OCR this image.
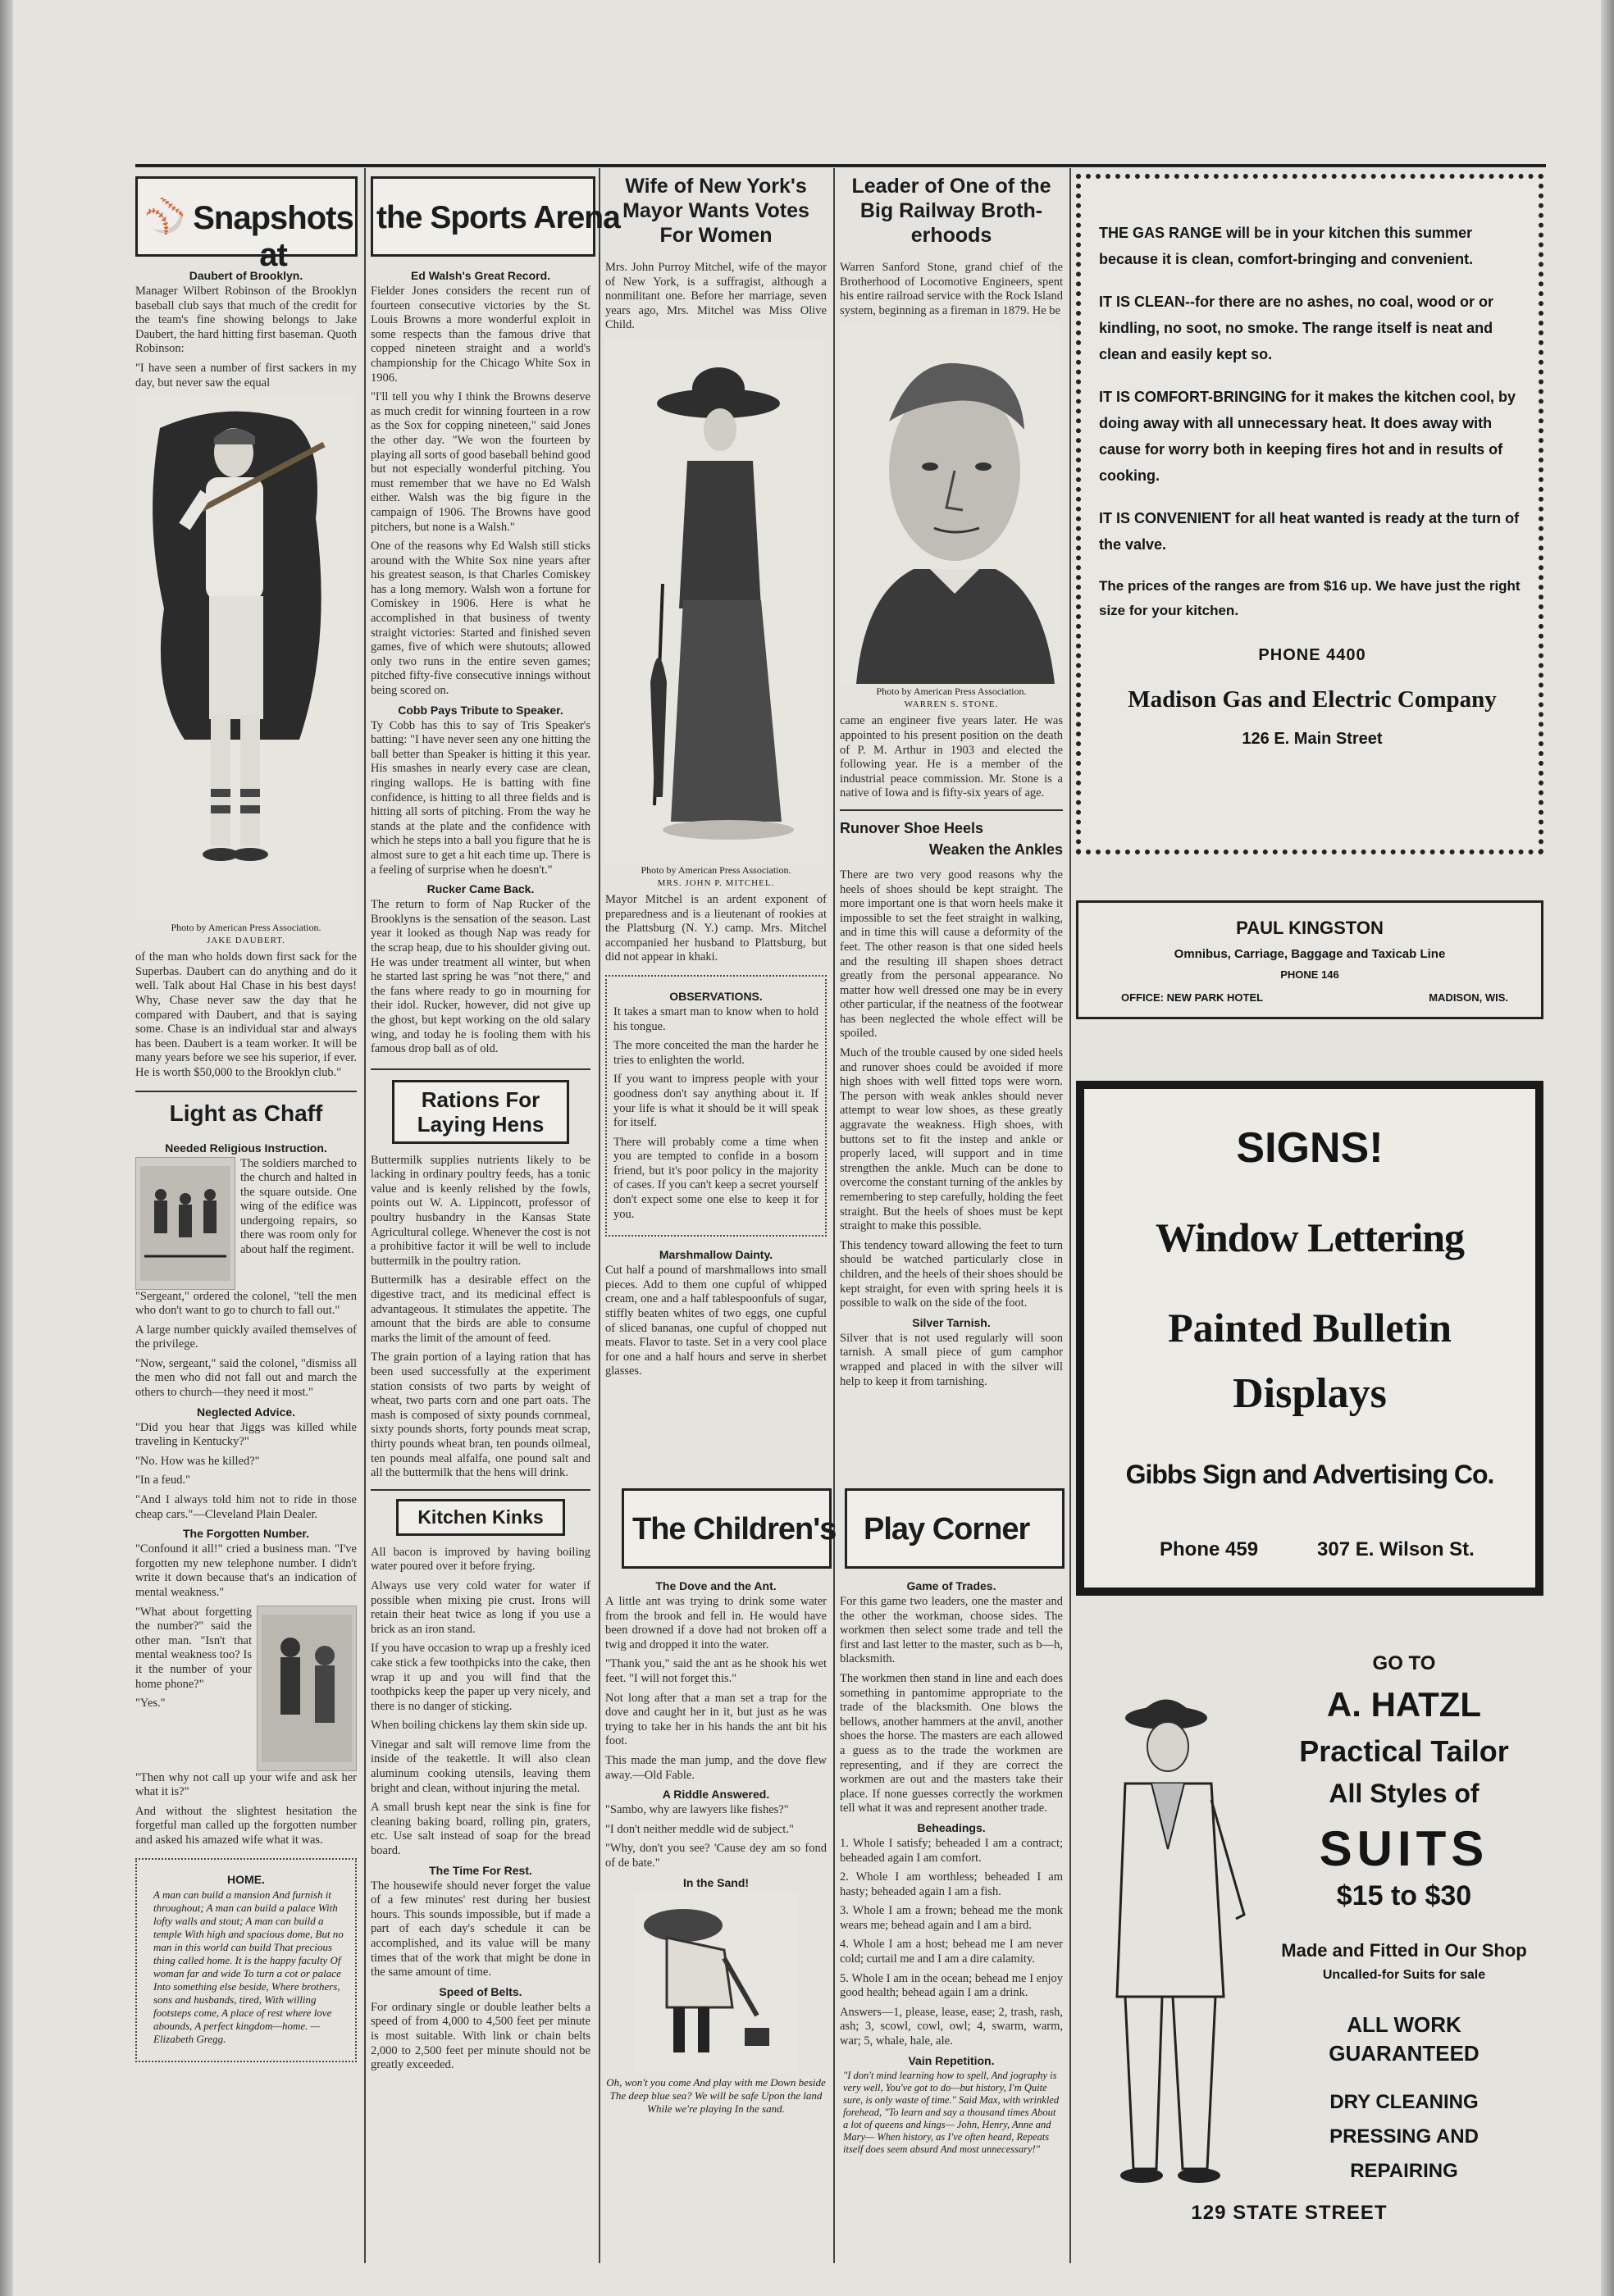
⚾ Snapshots at
the Sports Arena
Daubert of Brooklyn.

Manager Wilbert Robinson of the Brooklyn baseball club says that much of the credit for the team's fine showing belongs to Jake Daubert, the hard hitting first baseman. Quoth Robinson:

"I have seen a number of first sackers in my day, but never saw the equal

Photo by American Press Association.
JAKE DAUBERT.

of the man who holds down first sack for the Superbas. Daubert can do anything and do it well. Talk about Hal Chase in his best days! Why, Chase never saw the day that he compared with Daubert, and that is saying some. Chase is an individual star and always has been. Daubert is a team worker. It will be many years before we see his superior, if ever. He is worth $50,000 to the Brooklyn club."

Light as Chaff
Needed Religious Instruction.

The soldiers marched to the church and halted in the square outside. One wing of the edifice was undergoing repairs, so there was room only for about half the regiment.

"Sergeant," ordered the colonel, "tell the men who don't want to go to church to fall out."

A large number quickly availed themselves of the privilege.

"Now, sergeant," said the colonel, "dismiss all the men who did not fall out and march the others to church—they need it most."

Neglected Advice.

"Did you hear that Jiggs was killed while traveling in Kentucky?"

"No. How was he killed?"

"In a feud."

"And I always told him not to ride in those cheap cars."—Cleveland Plain Dealer.

The Forgotten Number.

"Confound it all!" cried a business man. "I've forgotten my new telephone number. I didn't write it down because that's an indication of mental weakness."

"What about forgetting the number?" said the other man. "Isn't that mental weakness too? Is it the number of your home phone?"

"Yes."

"Then why not call up your wife and ask her what it is?"

And without the slightest hesitation the forgetful man called up the forgotten number and asked his amazed wife what it was.

HOME.

A man can build a mansion And furnish it throughout; A man can build a palace With lofty walls and stout; A man can build a temple With high and spacious dome, But no man in this world can build That precious thing called home. It is the happy faculty Of woman far and wide To turn a cot or palace Into something else beside, Where brothers, sons and husbands, tired, With willing footsteps come, A place of rest where love abounds, A perfect kingdom—home. —Elizabeth Gregg.

Ed Walsh's Great Record.

Fielder Jones considers the recent run of fourteen consecutive victories by the St. Louis Browns a more wonderful exploit in some respects than the famous drive that copped nineteen straight and a world's championship for the Chicago White Sox in 1906.

"I'll tell you why I think the Browns deserve as much credit for winning fourteen in a row as the Sox for copping nineteen," said Jones the other day. "We won the fourteen by playing all sorts of good baseball behind good but not especially wonderful pitching. You must remember that we have no Ed Walsh either. Walsh was the big figure in the campaign of 1906. The Browns have good pitchers, but none is a Walsh."

One of the reasons why Ed Walsh still sticks around with the White Sox nine years after his greatest season, is that Charles Comiskey has a long memory. Walsh won a fortune for Comiskey in 1906. Here is what he accomplished in that business of twenty straight victories: Started and finished seven games, five of which were shutouts; allowed only two runs in the entire seven games; pitched fifty-five consecutive innings without being scored on.

Cobb Pays Tribute to Speaker.

Ty Cobb has this to say of Tris Speaker's batting: "I have never seen any one hitting the ball better than Speaker is hitting it this year. His smashes in nearly every case are clean, ringing wallops. He is batting with fine confidence, is hitting to all three fields and is hitting all sorts of pitching. From the way he stands at the plate and the confidence with which he steps into a ball you figure that he is almost sure to get a hit each time up. There is a feeling of surprise when he doesn't."

Rucker Came Back.

The return to form of Nap Rucker of the Brooklyns is the sensation of the season. Last year it looked as though Nap was ready for the scrap heap, due to his shoulder giving out. He was under treatment all winter, but when he started last spring he was "not there," and the fans where ready to go in mourning for their idol. Rucker, however, did not give up the ghost, but kept working on the old salary wing, and today he is fooling them with his famous drop ball as of old.

Rations For
Laying Hens

Buttermilk supplies nutrients likely to be lacking in ordinary poultry feeds, has a tonic value and is keenly relished by the fowls, points out W. A. Lippincott, professor of poultry husbandry in the Kansas State Agricultural college. Whenever the cost is not a prohibitive factor it will be well to include buttermilk in the poultry ration.

Buttermilk has a desirable effect on the digestive tract, and its medicinal effect is advantageous. It stimulates the appetite. The amount that the birds are able to consume marks the limit of the amount of feed.

The grain portion of a laying ration that has been used successfully at the experiment station consists of two parts by weight of wheat, two parts corn and one part oats. The mash is composed of sixty pounds cornmeal, sixty pounds shorts, forty pounds meat scrap, thirty pounds wheat bran, ten pounds oilmeal, ten pounds meal alfalfa, one pound salt and all the buttermilk that the hens will drink.

Kitchen Kinks

All bacon is improved by having boiling water poured over it before frying.

Always use very cold water for water if possible when mixing pie crust. Irons will retain their heat twice as long if you use a brick as an iron stand.

If you have occasion to wrap up a freshly iced cake stick a few toothpicks into the cake, then wrap it up and you will find that the toothpicks keep the paper up very nicely, and there is no danger of sticking.

When boiling chickens lay them skin side up.

Vinegar and salt will remove lime from the inside of the teakettle. It will also clean aluminum cooking utensils, leaving them bright and clean, without injuring the metal.

A small brush kept near the sink is fine for cleaning baking board, rolling pin, graters, etc. Use salt instead of soap for the bread board.

The Time For Rest.

The housewife should never forget the value of a few minutes' rest during her busiest hours. This sounds impossible, but if made a part of each day's schedule it can be accomplished, and its value will be many times that of the work that might be done in the same amount of time.

Speed of Belts.

For ordinary single or double leather belts a speed of from 4,000 to 4,500 feet per minute is most suitable. With link or chain belts 2,000 to 2,500 feet per minute should not be greatly exceeded.

Wife of New York's
Mayor Wants Votes
For Women

Mrs. John Purroy Mitchel, wife of the mayor of New York, is a suffragist, although a nonmilitant one. Before her marriage, seven years ago, Mrs. Mitchel was Miss Olive Child.

Photo by American Press Association.
MRS. JOHN P. MITCHEL.

Mayor Mitchel is an ardent exponent of preparedness and is a lieutenant of rookies at the Plattsburg (N. Y.) camp. Mrs. Mitchel accompanied her husband to Plattsburg, but did not appear in khaki.

OBSERVATIONS.

It takes a smart man to know when to hold his tongue.

The more conceited the man the harder he tries to enlighten the world.

If you want to impress people with your goodness don't say anything about it. If your life is what it should be it will speak for itself.

There will probably come a time when you are tempted to confide in a bosom friend, but it's poor policy in the majority of cases. If you can't keep a secret yourself don't expect some one else to keep it for you.

Marshmallow Dainty.

Cut half a pound of marshmallows into small pieces. Add to them one cupful of whipped cream, one and a half tablespoonfuls of sugar, stiffly beaten whites of two eggs, one cupful of sliced bananas, one cupful of chopped nut meats. Flavor to taste. Set in a very cool place for one and a half hours and serve in sherbet glasses.

The Children's Play Corner
The Dove and the Ant.

A little ant was trying to drink some water from the brook and fell in. He would have been drowned if a dove had not broken off a twig and dropped it into the water.

"Thank you," said the ant as he shook his wet feet. "I will not forget this."

Not long after that a man set a trap for the dove and caught her in it, but just as he was trying to take her in his hands the ant bit his foot.

This made the man jump, and the dove flew away.—Old Fable.

A Riddle Answered.

"Sambo, why are lawyers like fishes?"

"I don't neither meddle wid de subject."

"Why, don't you see? 'Cause dey am so fond of de bate."

In the Sand!

Oh, won't you come And play with me Down beside The deep blue sea? We will be safe Upon the land While we're playing In the sand.

Leader of One of the
Big Railway Broth-
erhoods

Warren Sanford Stone, grand chief of the Brotherhood of Locomotive Engineers, spent his entire railroad service with the Rock Island system, beginning as a fireman in 1879. He be

Photo by American Press Association.
WARREN S. STONE.

came an engineer five years later. He was appointed to his present position on the death of P. M. Arthur in 1903 and elected the following year. He is a member of the industrial peace commission. Mr. Stone is a native of Iowa and is fifty-six years of age.

Runover Shoe Heels
Weaken the Ankles

There are two very good reasons why the heels of shoes should be kept straight. The more important one is that worn heels make it impossible to set the feet straight in walking, and in time this will cause a deformity of the feet. The other reason is that one sided heels and the resulting ill shapen shoes detract greatly from the personal appearance. No matter how well dressed one may be in every other particular, if the neatness of the footwear has been neglected the whole effect will be spoiled.

Much of the trouble caused by one sided heels and runover shoes could be avoided if more high shoes with well fitted tops were worn. The person with weak ankles should never attempt to wear low shoes, as these greatly aggravate the weakness. High shoes, with buttons set to fit the instep and ankle or properly laced, will support and in time strengthen the ankle. Much can be done to overcome the constant turning of the ankles by remembering to step carefully, holding the feet straight. But the heels of shoes must be kept straight to make this possible.

This tendency toward allowing the feet to turn should be watched particularly close in children, and the heels of their shoes should be kept straight, for even with spring heels it is possible to walk on the side of the foot.

Silver Tarnish.

Silver that is not used regularly will soon tarnish. A small piece of gum camphor wrapped and placed in with the silver will help to keep it from tarnishing.

Game of Trades.

For this game two leaders, one the master and the other the workman, choose sides. The workmen then select some trade and tell the first and last letter to the master, such as b—h, blacksmith.

The workmen then stand in line and each does something in pantomime appropriate to the trade of the blacksmith. One blows the bellows, another hammers at the anvil, another shoes the horse. The masters are each allowed a guess as to the trade the workmen are representing, and if they are correct the workmen are out and the masters take their place. If none guesses correctly the workmen tell what it was and represent another trade.

Beheadings.

1. Whole I satisfy; beheaded I am a contract; beheaded again I am comfort.

2. Whole I am worthless; beheaded I am hasty; beheaded again I am a fish.

3. Whole I am a frown; behead me the monk wears me; behead again and I am a bird.

4. Whole I am a host; behead me I am never cold; curtail me and I am a dire calamity.

5. Whole I am in the ocean; behead me I enjoy good health; behead again I am a drink.

Answers—1, please, lease, ease; 2, trash, rash, ash; 3, scowl, cowl, owl; 4, swarm, warm, war; 5, whale, hale, ale.

Vain Repetition.

"I don't mind learning how to spell, And jography is very well, You've got to do—but history, I'm Quite sure, is only waste of time." Said Max, with wrinkled forehead, "To learn and say a thousand times About a lot of queens and kings— John, Henry, Anne and Mary— When history, as I've often heard, Repeats itself does seem absurd And most unnecessary!"

THE GAS RANGE will be in your kitchen this summer because it is clean, comfort-bringing and convenient.

IT IS CLEAN--for there are no ashes, no coal, wood or or kindling, no soot, no smoke. The range itself is neat and clean and easily kept so.

IT IS COMFORT-BRINGING for it makes the kitchen cool, by doing away with all unnecessary heat. It does away with cause for worry both in keeping fires hot and in results of cooking.

IT IS CONVENIENT for all heat wanted is ready at the turn of the valve.

The prices of the ranges are from $16 up. We have just the right size for your kitchen.

PHONE 4400
Madison Gas and Electric Company
126 E. Main Street
PAUL KINGSTON
Omnibus, Carriage, Baggage and Taxicab Line
PHONE 146
OFFICE: NEW PARK HOTEL	MADISON, WIS.
SIGNS!
Window Lettering
Painted Bulletin
Displays
Gibbs Sign and Advertising Co.
Phone 459	307 E. Wilson St.
GO TO
A. HATZL
Practical Tailor
All Styles of
SUITS
$15 to $30
Made and Fitted in Our Shop
Uncalled-for Suits for sale
ALL WORK
GUARANTEED
DRY CLEANING
PRESSING AND
REPAIRING
129 STATE STREET
